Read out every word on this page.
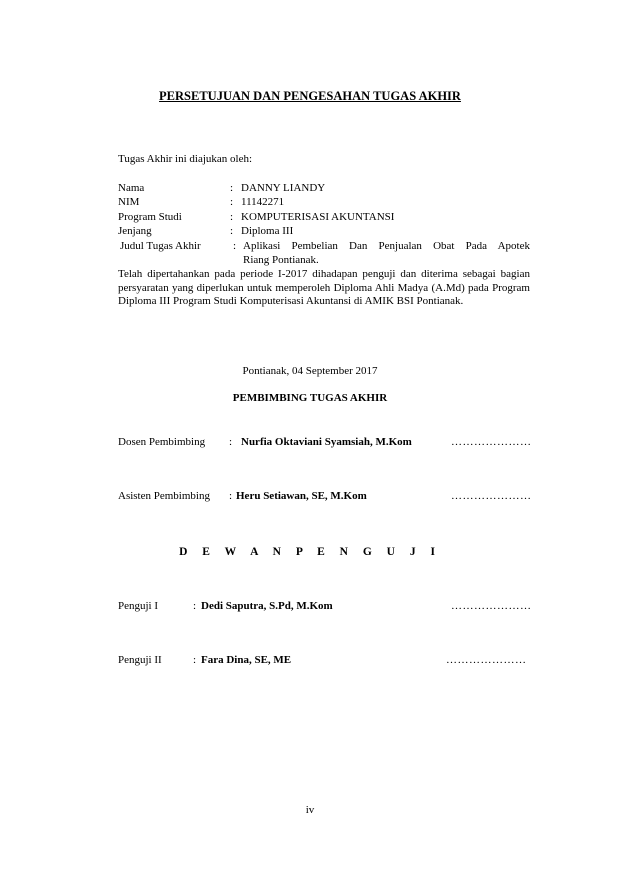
PERSETUJUAN DAN PENGESAHAN TUGAS AKHIR
Tugas Akhir ini diajukan oleh:
Nama	: DANNY LIANDY
NIM	: 11142271
Program Studi	: KOMPUTERISASI AKUNTANSI
Jenjang	: Diploma III
Judul Tugas Akhir	: Aplikasi Pembelian Dan Penjualan Obat Pada Apotek
Riang Pontianak.
Telah dipertahankan pada periode I-2017 dihadapan penguji dan diterima sebagai bagian persyaratan yang diperlukan untuk memperoleh Diploma Ahli Madya (A.Md) pada Program Diploma III Program Studi Komputerisasi Akuntansi di AMIK BSI Pontianak.
Pontianak, 04 September 2017
PEMBIMBING TUGAS AKHIR
Dosen Pembimbing : Nurfia Oktaviani Syamsiah, M.Kom	…………………
Asisten Pembimbing : Heru Setiawan, SE, M.Kom	…………………
D E W A N P E N G U J I
Penguji I	: Dedi Saputra, S.Pd, M.Kom	…………………
Penguji II	: Fara Dina, SE, ME	…………………
iv
